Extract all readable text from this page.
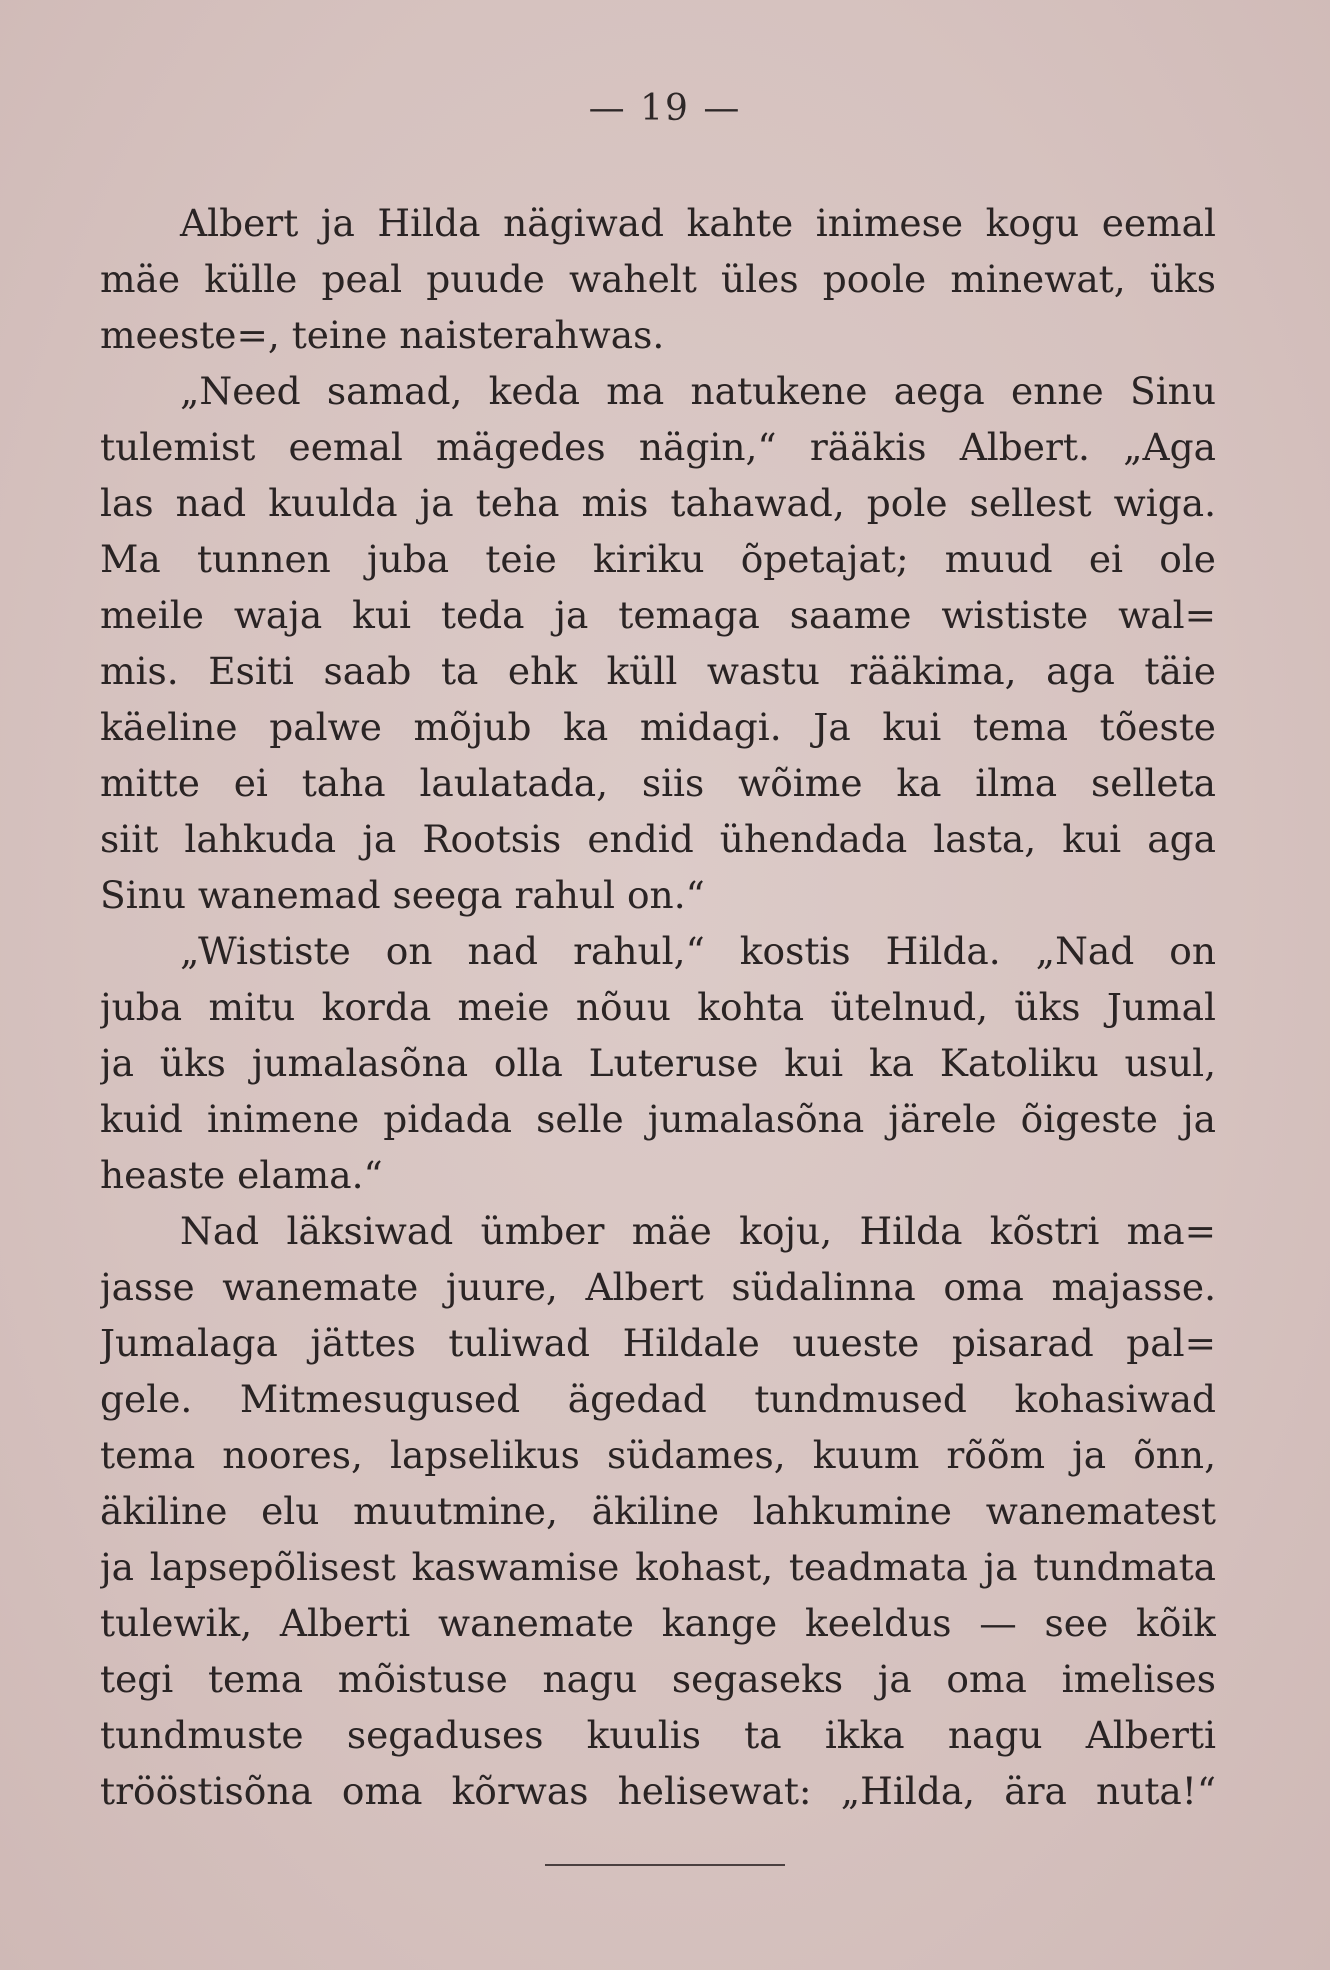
— 19 —
Albert ja Hilda nägiwad kahte inimese kogu eemal
mäe külle peal puude wahelt üles poole minewat, üks
meeste=, teine naisterahwas.
„Need samad, keda ma natukene aega enne Sinu
tulemist eemal mägedes nägin,“ rääkis Albert. „Aga
las nad kuulda ja teha mis tahawad, pole sellest wiga.
Ma tunnen juba teie kiriku õpetajat; muud ei ole
meile waja kui teda ja temaga saame wististe wal=
mis. Esiti saab ta ehk küll wastu rääkima, aga täie
käeline palwe mõjub ka midagi. Ja kui tema tõeste
mitte ei taha laulatada, siis wõime ka ilma selleta
siit lahkuda ja Rootsis endid ühendada lasta, kui aga
Sinu wanemad seega rahul on.“
„Wististe on nad rahul,“ kostis Hilda. „Nad on
juba mitu korda meie nõuu kohta ütelnud, üks Jumal
ja üks jumalasõna olla Luteruse kui ka Katoliku usul,
kuid inimene pidada selle jumalasõna järele õigeste ja
heaste elama.“
Nad läksiwad ümber mäe koju, Hilda kõstri ma=
jasse wanemate juure, Albert südalinna oma majasse.
Jumalaga jättes tuliwad Hildale uueste pisarad pal=
gele. Mitmesugused ägedad tundmused kohasiwad
tema noores, lapselikus südames, kuum rõõm ja õnn,
äkiline elu muutmine, äkiline lahkumine wanematest
ja lapsepõlisest kaswamise kohast, teadmata ja tundmata
tulewik, Alberti wanemate kange keeldus — see kõik
tegi tema mõistuse nagu segaseks ja oma imelises
tundmuste segaduses kuulis ta ikka nagu Alberti
trööstisõna oma kõrwas helisewat: „Hilda, ära nuta!“
